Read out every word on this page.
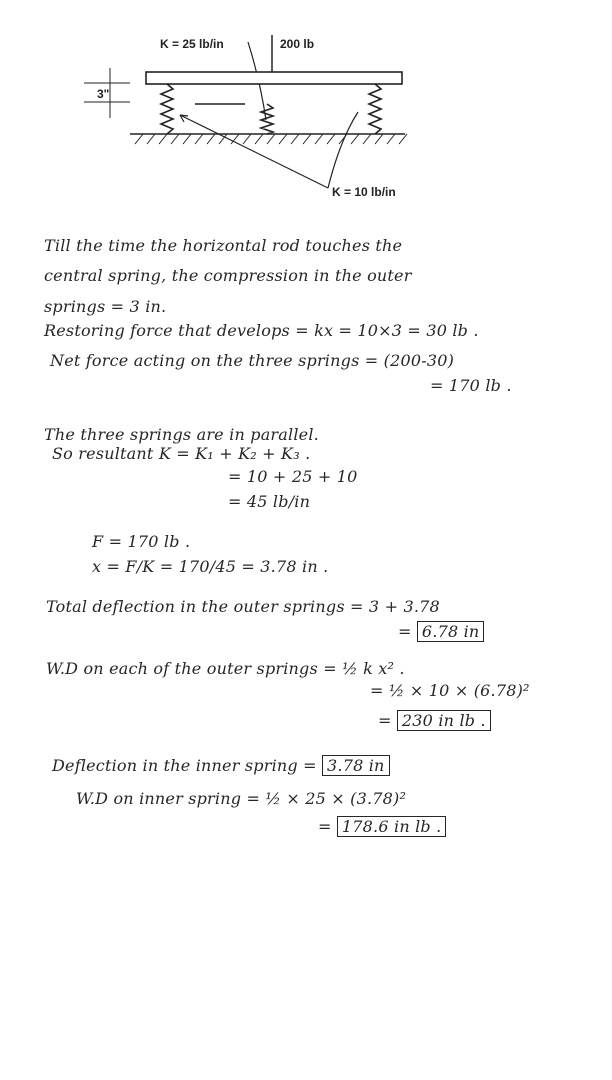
K = 25 lb/in	200 lb
3"
K = 10 lb/in
Till the time the horizontal rod touches the
central spring, the compression in the outer
springs = 3 in.
Restoring force that develops = kx = 10×3 = 30 lb .
Net force acting on the three springs = (200-30)
= 170 lb .
The three springs are in parallel.
So resultant K = K₁ + K₂ + K₃ .
= 10 + 25 + 10
= 45 lb/in
F = 170 lb .
x = F/K = 170/45 = 3.78 in .
Total deflection in the outer springs = 3 + 3.78
= 6.78 in
W.D on each of the outer springs = ½ k x² .
= ½ × 10 × (6.78)²
= 230 in lb .
Deflection in the inner spring = 3.78 in
W.D on inner spring = ½ × 25 × (3.78)²
= 178.6 in lb .
